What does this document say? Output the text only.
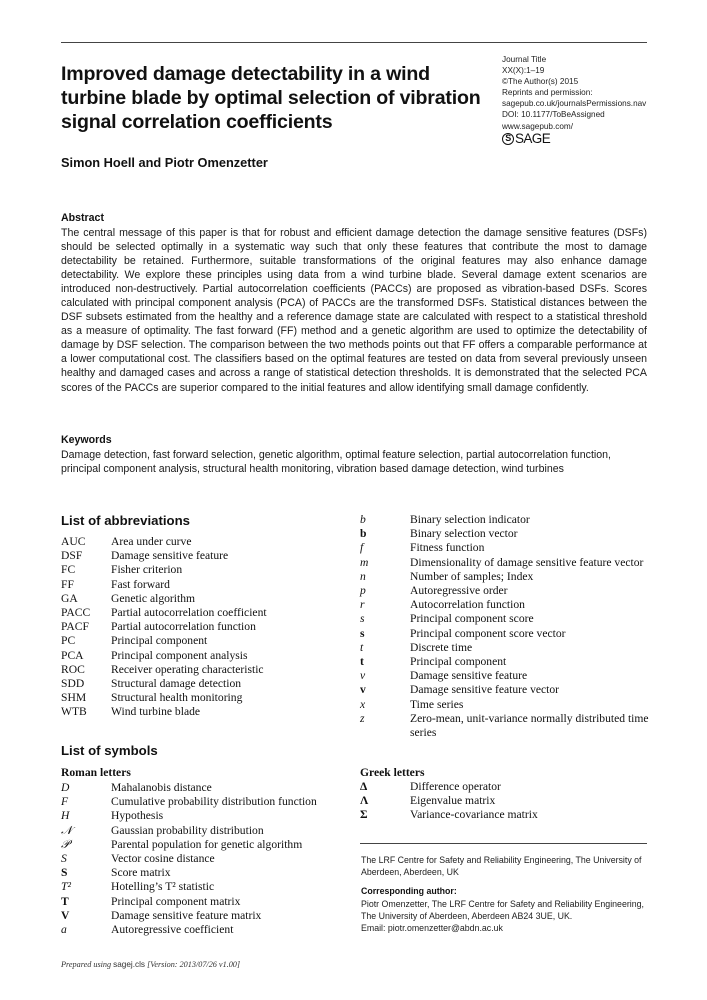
Improved damage detectability in a wind turbine blade by optimal selection of vibration signal correlation coefficients
Simon Hoell and Piotr Omenzetter
Journal Title
XX(X):1–19
©The Author(s) 2015
Reprints and permission:
sagepub.co.uk/journalsPermissions.nav
DOI: 10.1177/ToBeAssigned
www.sagepub.com/
S SAGE
Abstract
The central message of this paper is that for robust and efficient damage detection the damage sensitive features (DSFs) should be selected optimally in a systematic way such that only these features that contribute the most to damage detectability be retained. Furthermore, suitable transformations of the original features may also enhance damage detectability. We explore these principles using data from a wind turbine blade. Several damage extent scenarios are introduced non-destructively. Partial autocorrelation coefficients (PACCs) are proposed as vibration-based DSFs. Scores calculated with principal component analysis (PCA) of PACCs are the transformed DSFs. Statistical distances between the DSF subsets estimated from the healthy and a reference damage state are calculated with respect to a statistical threshold as a measure of optimality. The fast forward (FF) method and a genetic algorithm are used to optimize the detectability of damage by DSF selection. The comparison between the two methods points out that FF offers a comparable performance at a lower computational cost. The classifiers based on the optimal features are tested on data from several previously unseen healthy and damaged cases and across a range of statistical detection thresholds. It is demonstrated that the selected PCA scores of the PACCs are superior compared to the initial features and allow identifying small damage confidently.
Keywords
Damage detection, fast forward selection, genetic algorithm, optimal feature selection, partial autocorrelation function, principal component analysis, structural health monitoring, vibration based damage detection, wind turbines
List of abbreviations
AUC	Area under curve
DSF	Damage sensitive feature
FC	Fisher criterion
FF	Fast forward
GA	Genetic algorithm
PACC	Partial autocorrelation coefficient
PACF	Partial autocorrelation function
PC	Principal component
PCA	Principal component analysis
ROC	Receiver operating characteristic
SDD	Structural damage detection
SHM	Structural health monitoring
WTB	Wind turbine blade
b	Binary selection indicator
b	Binary selection vector
f	Fitness function
m	Dimensionality of damage sensitive feature vector
n	Number of samples; Index
p	Autoregressive order
r	Autocorrelation function
s	Principal component score
s	Principal component score vector
t	Discrete time
t	Principal component
v	Damage sensitive feature
v	Damage sensitive feature vector
x	Time series
z	Zero-mean, unit-variance normally distributed time series
List of symbols
Roman letters
D	Mahalanobis distance
F	Cumulative probability distribution function
H	Hypothesis
𝒩	Gaussian probability distribution
𝒫	Parental population for genetic algorithm
S	Vector cosine distance
S	Score matrix
T²	Hotelling’s T² statistic
T	Principal component matrix
V	Damage sensitive feature matrix
a	Autoregressive coefficient
Greek letters
Δ	Difference operator
Λ	Eigenvalue matrix
Σ	Variance-covariance matrix
The LRF Centre for Safety and Reliability Engineering, The University of Aberdeen, Aberdeen, UK
Corresponding author:
Piotr Omenzetter, The LRF Centre for Safety and Reliability Engineering, The University of Aberdeen, Aberdeen AB24 3UE, UK.
Email: piotr.omenzetter@abdn.ac.uk
Prepared using sagej.cls [Version: 2013/07/26 v1.00]
